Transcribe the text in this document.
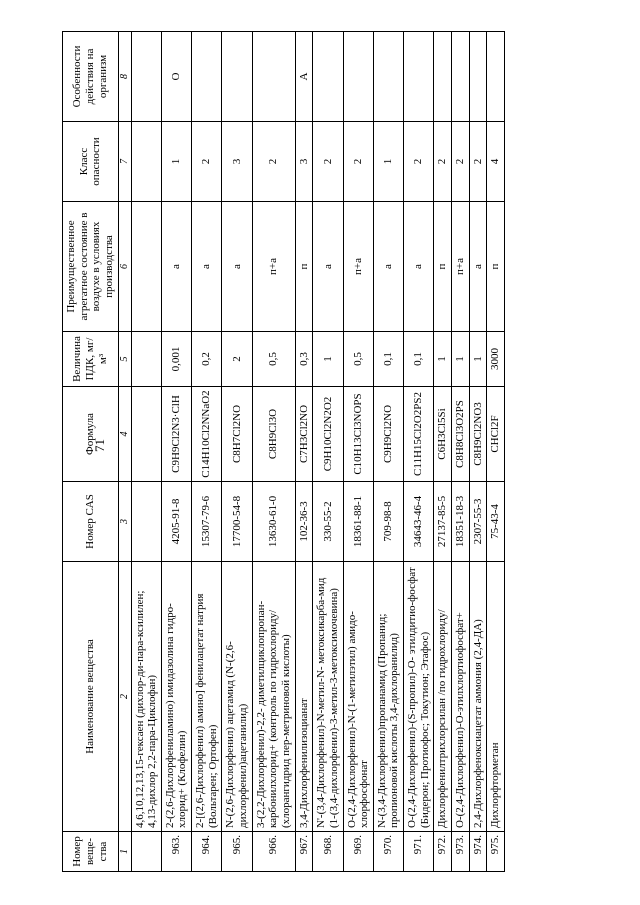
71
Номер веще-ства	Наименование вещества	Номер CAS	Формула	Величина ПДК, мг/м³	Преимущественное агрегатное состояние в воздухе в условиях производства	Класс опасности	Особенности действия на организм
1	2	3	4	5	6	7	8
	4,6,10,12,13,15-гексаен (дихлор-ди-пара-ксилилен; 4,13-дихлор 2,2-пара-Циклофан)						
963.	2-(2,6-Дихлорфениламино) имидазолина гидро-хлорид+ (Клофелин)	4205-91-8	C9H9Cl2N3·ClH	0,001	а	1	О
964.	2-[(2,6-Дихлорфенил) амино] фенилацетат натрия (Вольтарен; Ортофен)	15307-79-6	C14H10Cl2NNaO2	0,2	а	2	
965.	N-(2,6-Дихлорфенил) ацетамид (N-(2,6-дихлорфенил)ацетанилид)	17700-54-8	C8H7Cl2NO	2	а	3	
966.	3-(2,2-Дихлорфенил)-2,2- диметилциклопропан-карбонилхлорид+ (контроль по гидрохлориду/ (хлорангидрид пер-метриновой кислоты)	13630-61-0	C8H9Cl3O	0,5	п+а	2	
967.	3,4-Дихлорфенилизоцианат	102-36-3	C7H3Cl2NO	0,3	п	3	А
968.	N'-(3,4-Дихлорфенил)-N-метил-N- метоксикарба-мид (1-(3,4-дихлорфенил)-3-метил-3-метоксимочевина)	330-55-2	C9H10Cl2N2O2	1	а	2	
969.	O-(2,4-Дихлорфенил)-N-(1-метилэтил) амидо-хлорфосфонат	18361-88-1	C10H13Cl3NOPS	0,5	п+а	2	
970.	N-(3,4-Дихлорфенил)пропанамид (Пропанид; пропионовой кислоты 3,4-дихлоранилид)	709-98-8	C9H9Cl2NO	0,1	а	1	
971.	O-(2,4-Дихлорфенил)-(S-пропил)-O- этилдитио-фосфат (Бидерон; Протиофос; Токутион; Этафос)	34643-46-4	C11H15Cl2O2PS2	0,1	а	2	
972.	Дихлорфенилтрихлорсилан /по гидрохлориду/	27137-85-5	C6H3Cl5Si	1	п	2	
973.	O-(2,4-Дихлорфенил)-O-этилхлортиофосфат+	18351-18-3	C8H8Cl3O2PS	1	п+а	2	
974.	2,4-Дихлорфеноксиацетат аммония (2,4-ДА)	2307-55-3	C8H9Cl2NO3	1	а	2	
975.	Дихлорфторметан	75-43-4	CHCl2F	3000	п	4	
